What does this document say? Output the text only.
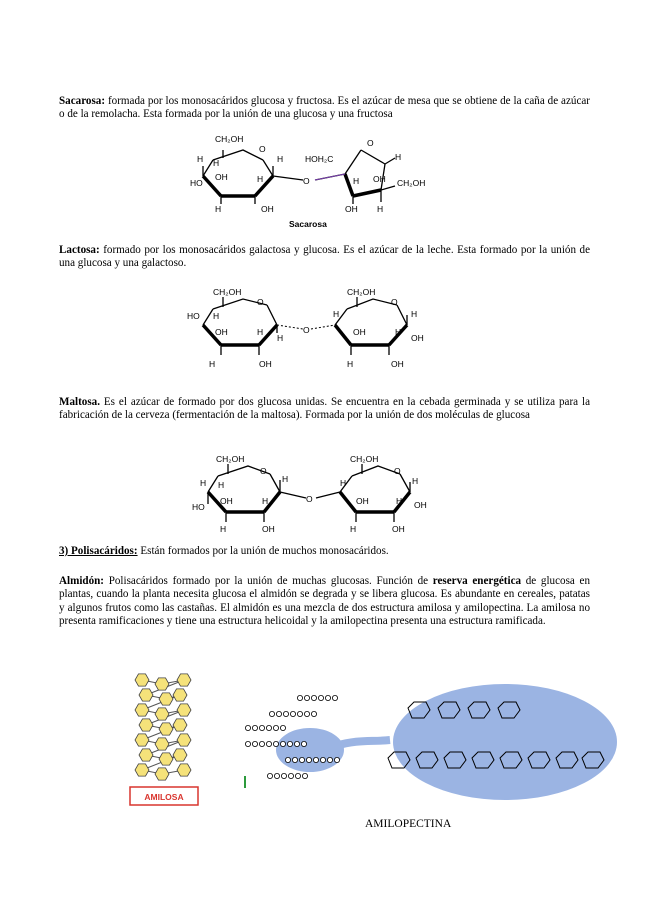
Sacarosa: formada por los monosacáridos glucosa y fructosa. Es el azúcar de mesa que se obtiene de la caña de azúcar o de la remolacha. Esta formada por la unión de una glucosa y una fructosa

CH₂OH
O
H H
HO
OH	H
H
H	OH
O
HOH₂C
O
H
H OH CH₂OH
OH H
Sacarosa

Lactosa: formado por los monosacáridos galactosa y glucosa. Es el azúcar de la leche. Esta formado por la unión de una glucosa y una galactoso.

CH₂OH
O
HO H
OH	H
H
H	OH
O
CH₂OH
O
H	H
OH	H
OH
H	OH

Maltosa. Es el azúcar de formado por dos glucosa unidas. Se encuentra en la cebada germinada y se utiliza para la fabricación de la cerveza (fermentación de la maltosa). Formada por la unión de dos moléculas de glucosa

CH₂OH
O
H H
H
HO
OH	H
H	OH
O
CH₂OH
O
H	H
OH	H OH
H	OH

3) Polisacáridos: Están formados por la unión de muchos monosacáridos.

Almidón: Polisacáridos formado por la unión de muchas glucosas. Función de reserva energética de glucosa en plantas, cuando la planta necesita glucosa el almidón se degrada y se libera glucosa. Es abundante en cereales, patatas y algunos frutos como las castañas. El almidón es una mezcla de dos estructura amilosa y amilopectina. La amilosa no presenta ramificaciones y tiene una estructura helicoidal y la amilopectina presenta una estructura ramificada.

AMILOSA
AMILOPECTINA
